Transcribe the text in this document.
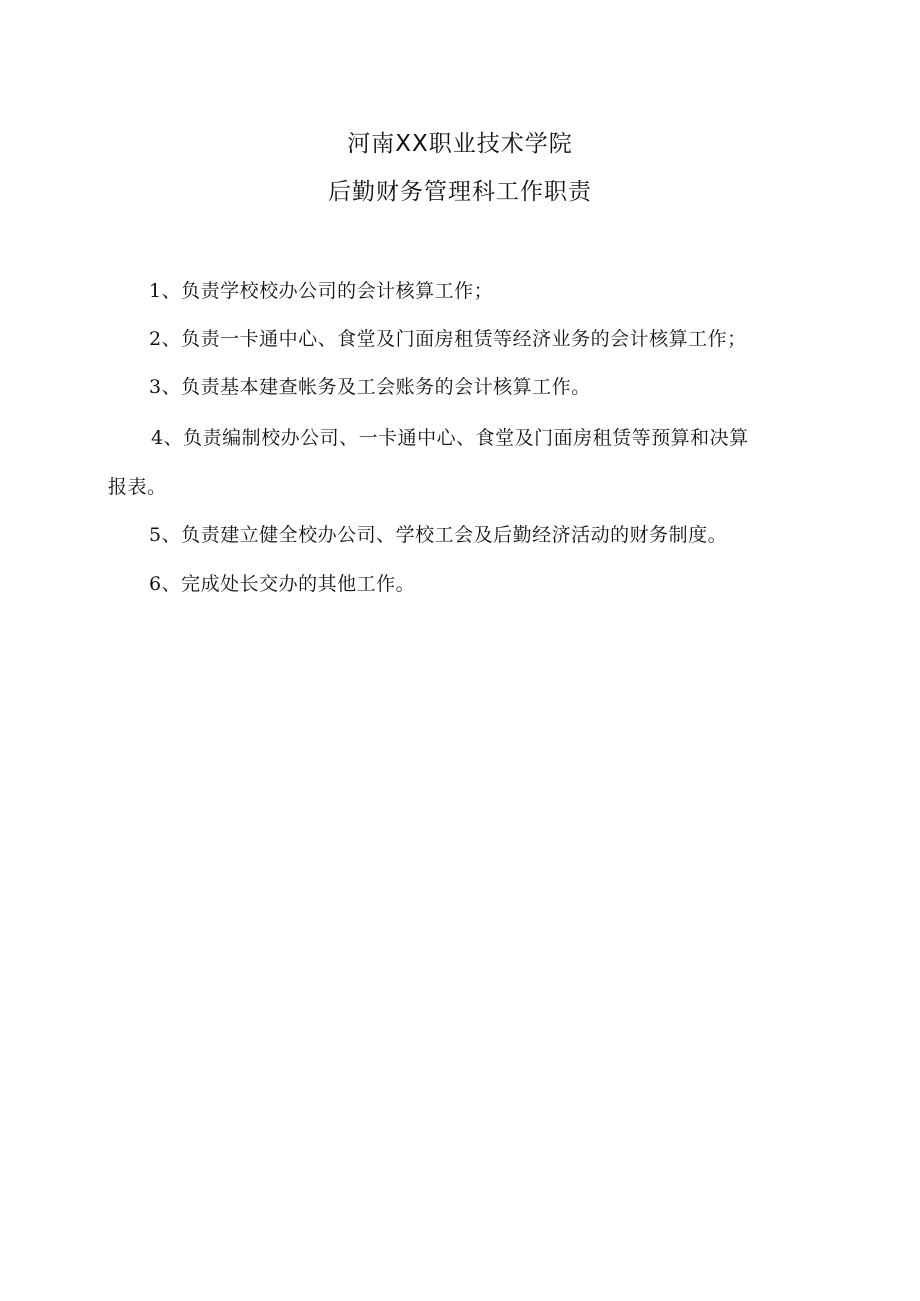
河南XX职业技术学院
后勤财务管理科工作职责
1、负责学校校办公司的会计核算工作；
2、负责一卡通中心、食堂及门面房租赁等经济业务的会计核算工作；
3、负责基本建查帐务及工会账务的会计核算工作。
4、负责编制校办公司、一卡通中心、食堂及门面房租赁等预算和决算
报表。
5、负责建立健全校办公司、学校工会及后勤经济活动的财务制度。
6、完成处长交办的其他工作。
